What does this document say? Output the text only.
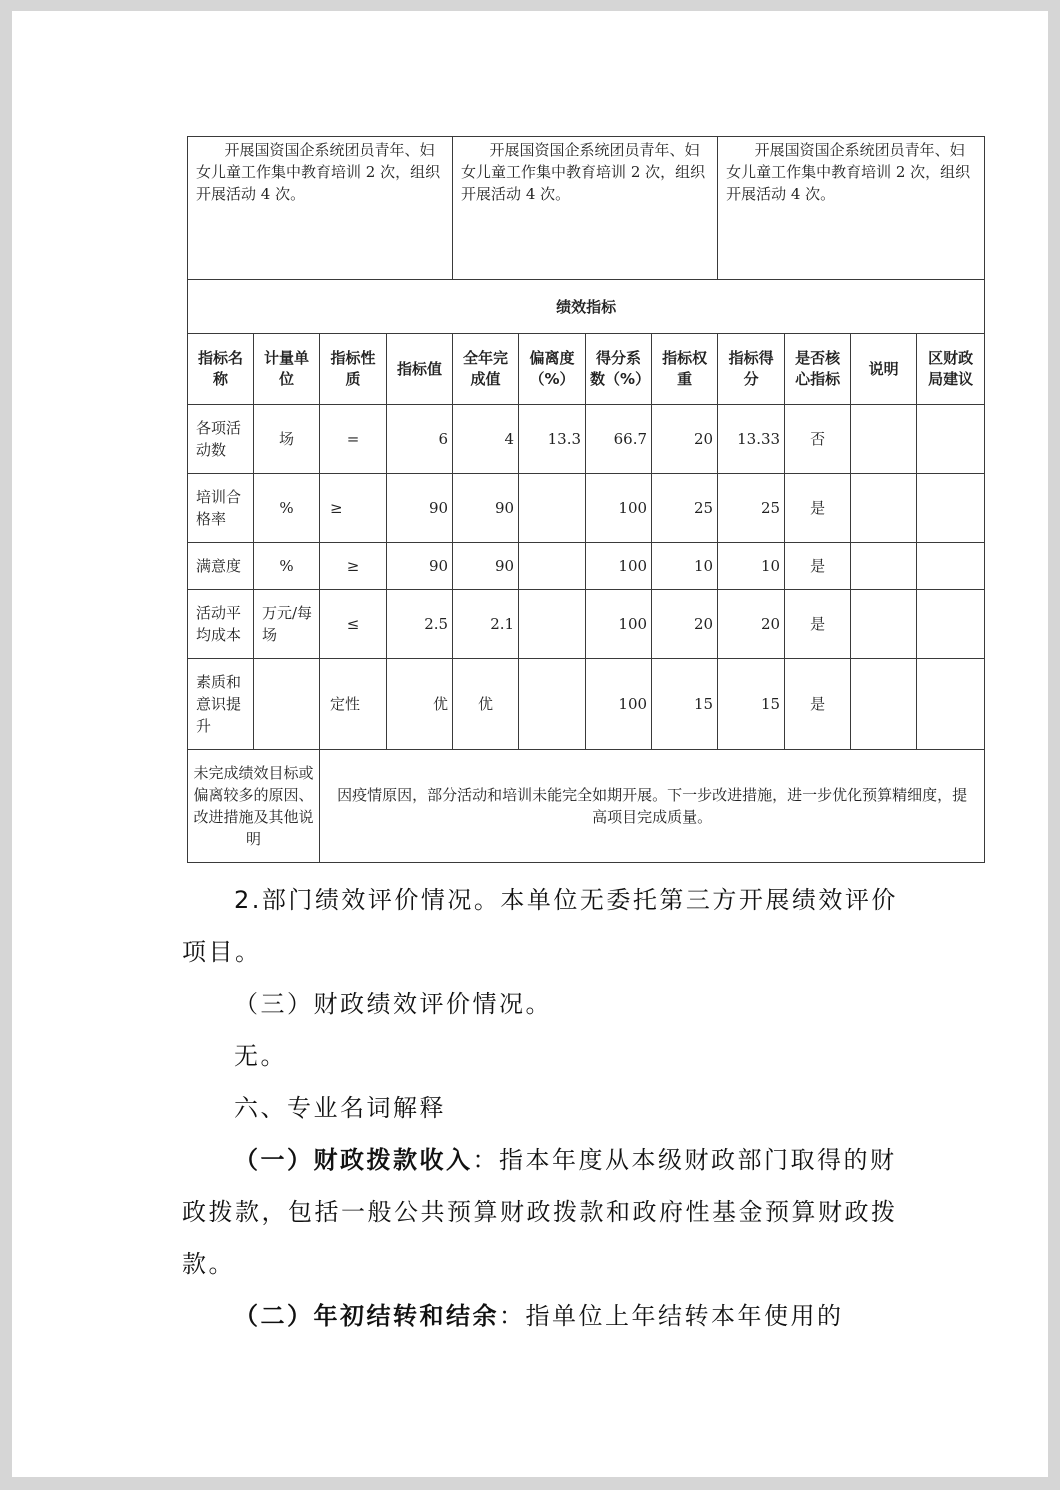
开展国资国企系统团员青年、妇女儿童工作集中教育培训 2 次，组织开展活动 4 次。				开展国资国企系统团员青年、妇女儿童工作集中教育培训 2 次，组织开展活动 4 次。				开展国资国企系统团员青年、妇女儿童工作集中教育培训 2 次，组织开展活动 4 次。			
绩效指标											
指标名称	计量单位	指标性质	指标值	全年完成值	偏离度（%）	得分系数（%）	指标权重	指标得分	是否核心指标	说明	区财政局建议
各项活动数	场	=	6	4	13.3	66.7	20	13.33	否		
培训合格率	%	≥	90	90		100	25	25	是		
满意度	%	≥	90	90		100	10	10	是		
活动平均成本	万元/每场	≤	2.5	2.1		100	20	20	是		
素质和意识提升		定性	优	优		100	15	15	是		
未完成绩效目标或偏离较多的原因、改进措施及其他说明		因疫情原因，部分活动和培训未能完全如期开展。下一步改进措施，进一步优化预算精细度，提高项目完成质量。									

2.部门绩效评价情况。本单位无委托第三方开展绩效评价项目。

（三）财政绩效评价情况。

无。

六、专业名词解释

（一）财政拨款收入：指本年度从本级财政部门取得的财政拨款，包括一般公共预算财政拨款和政府性基金预算财政拨款。

（二）年初结转和结余：指单位上年结转本年使用的
